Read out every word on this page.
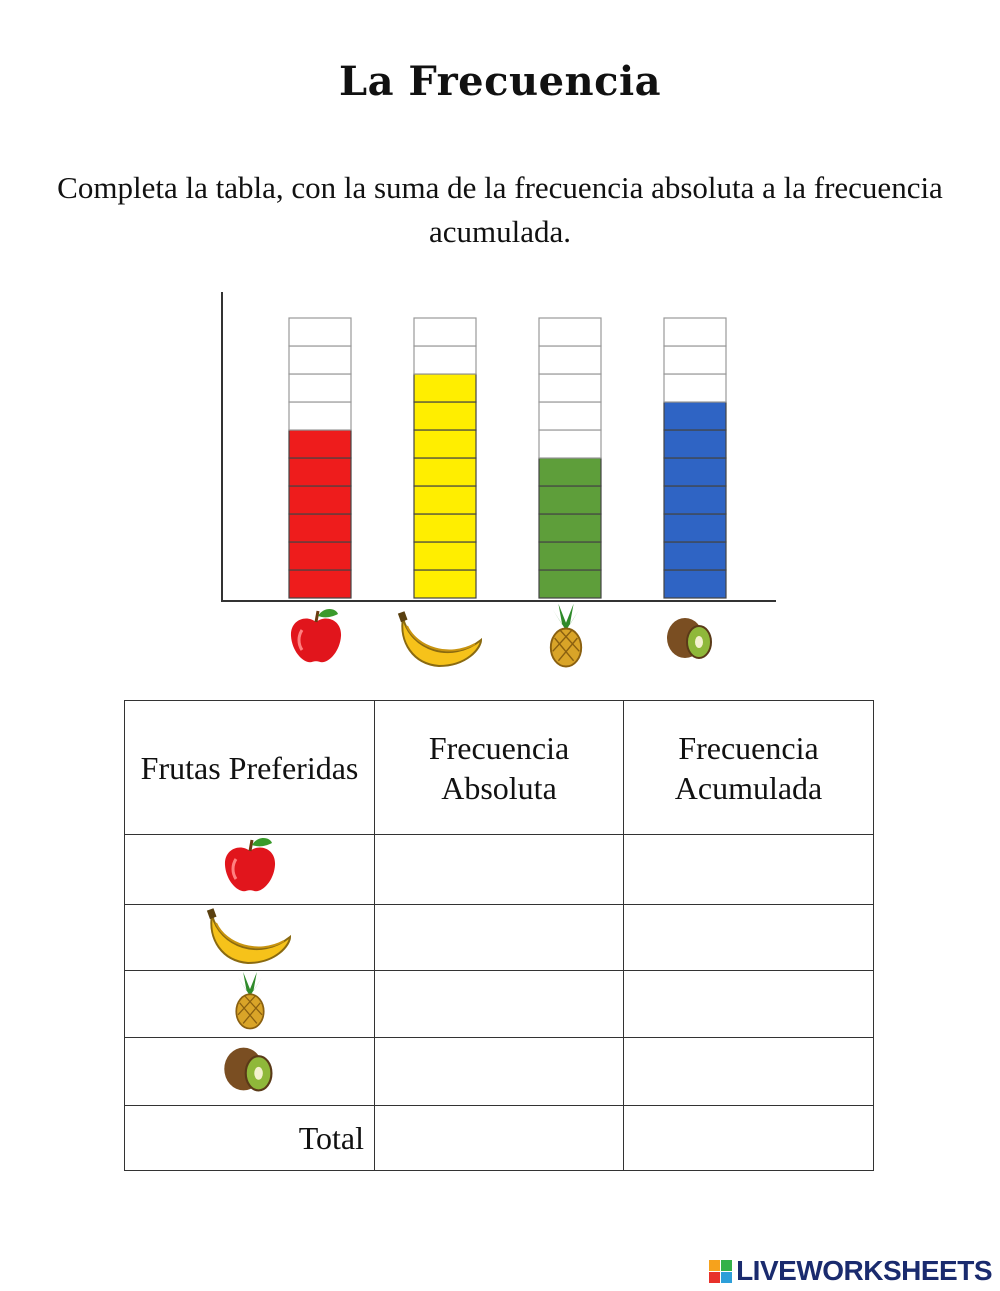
La Frecuencia
Completa la tabla, con la suma de la frecuencia absoluta a la frecuencia acumulada.
Frutas Preferidas	Frecuencia Absoluta	Frecuencia Acumulada

Total		
LIVEWORKSHEETS
